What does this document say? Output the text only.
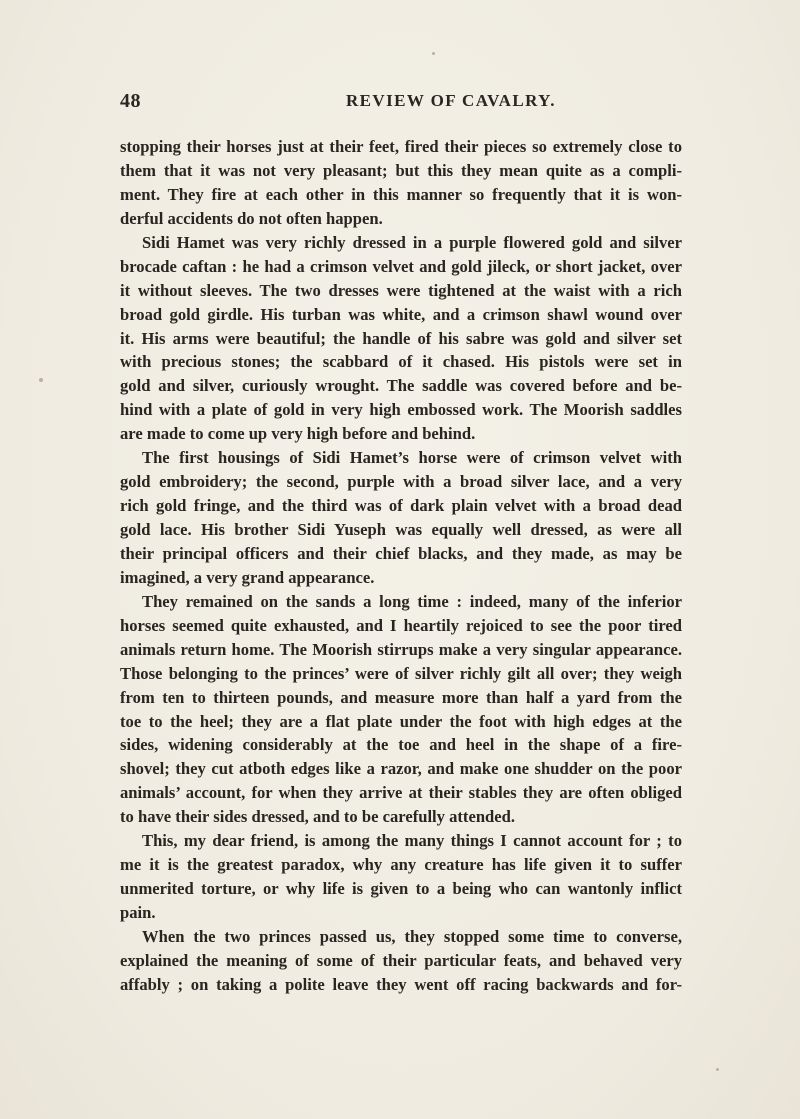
48	REVIEW OF CAVALRY.
stopping their horses just at their feet, fired their pieces so extremely close to
them that it was not very pleasant; but this they mean quite as a compli-
ment. They fire at each other in this manner so frequently that it is won-
derful accidents do not often happen.
Sidi Hamet was very richly dressed in a purple flowered gold and silver
brocade caftan : he had a crimson velvet and gold jileck, or short jacket, over
it without sleeves. The two dresses were tightened at the waist with a rich
broad gold girdle. His turban was white, and a crimson shawl wound over
it. His arms were beautiful; the handle of his sabre was gold and silver set
with precious stones; the scabbard of it chased. His pistols were set in
gold and silver, curiously wrought. The saddle was covered before and be-
hind with a plate of gold in very high embossed work. The Moorish saddles
are made to come up very high before and behind.
The first housings of Sidi Hamet’s horse were of crimson velvet with
gold embroidery; the second, purple with a broad silver lace, and a very
rich gold fringe, and the third was of dark plain velvet with a broad dead
gold lace. His brother Sidi Yuseph was equally well dressed, as were all
their principal officers and their chief blacks, and they made, as may be
imagined, a very grand appearance.
They remained on the sands a long time : indeed, many of the inferior
horses seemed quite exhausted, and I heartily rejoiced to see the poor tired
animals return home. The Moorish stirrups make a very singular appearance.
Those belonging to the princes’ were of silver richly gilt all over; they weigh
from ten to thirteen pounds, and measure more than half a yard from the
toe to the heel; they are a flat plate under the foot with high edges at the
sides, widening considerably at the toe and heel in the shape of a fire-
shovel; they cut atboth edges like a razor, and make one shudder on the poor
animals’ account, for when they arrive at their stables they are often obliged
to have their sides dressed, and to be carefully attended.
This, my dear friend, is among the many things I cannot account for ; to
me it is the greatest paradox, why any creature has life given it to suffer
unmerited torture, or why life is given to a being who can wantonly inflict
pain.
When the two princes passed us, they stopped some time to converse,
explained the meaning of some of their particular feats, and behaved very
affably ; on taking a polite leave they went off racing backwards and for-
